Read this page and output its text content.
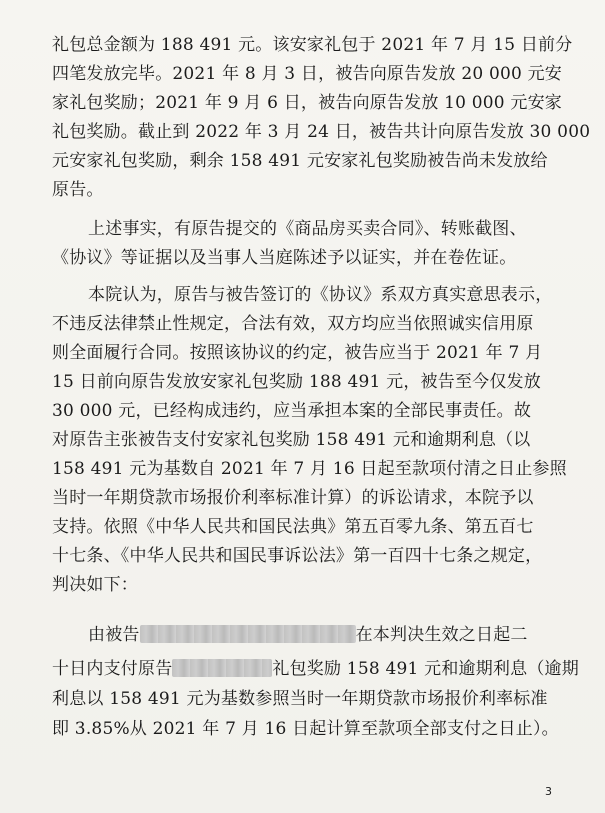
礼包总金额为 188 491 元。该安家礼包于 2021 年 7 月 15 日前分
四笔发放完毕。2021 年 8 月 3 日，被告向原告发放 20 000 元安
家礼包奖励；2021 年 9 月 6 日，被告向原告发放 10 000 元安家
礼包奖励。截止到 2022 年 3 月 24 日，被告共计向原告发放 30 000
元安家礼包奖励，剩余 158 491 元安家礼包奖励被告尚未发放给
原告。
上述事实，有原告提交的《商品房买卖合同》、转账截图、
《协议》等证据以及当事人当庭陈述予以证实，并在卷佐证。
本院认为，原告与被告签订的《协议》系双方真实意思表示，
不违反法律禁止性规定，合法有效，双方均应当依照诚实信用原
则全面履行合同。按照该协议的约定，被告应当于 2021 年 7 月
15 日前向原告发放安家礼包奖励 188 491 元，被告至今仅发放
30 000 元，已经构成违约，应当承担本案的全部民事责任。故
对原告主张被告支付安家礼包奖励 158 491 元和逾期利息（以
158 491 元为基数自 2021 年 7 月 16 日起至款项付清之日止参照
当时一年期贷款市场报价利率标准计算）的诉讼请求，本院予以
支持。依照《中华人民共和国民法典》第五百零九条、第五百七
十七条、《中华人民共和国民事诉讼法》第一百四十七条之规定，
判决如下：
由被告	在本判决生效之日起二
十日内支付原告	礼包奖励 158 491 元和逾期利息（逾期
利息以 158 491 元为基数参照当时一年期贷款市场报价利率标准
即 3.85%从 2021 年 7 月 16 日起计算至款项全部支付之日止）。
3
